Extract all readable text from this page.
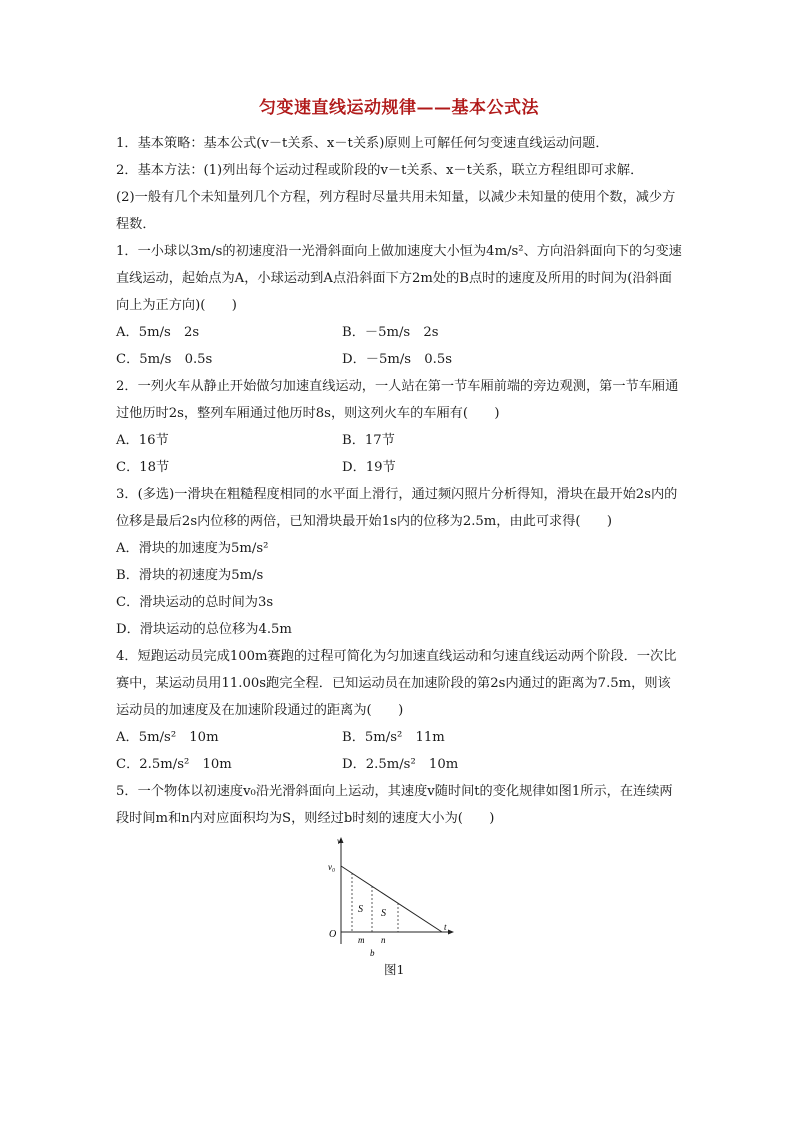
匀变速直线运动规律——基本公式法

1．基本策略：基本公式(v－t关系、x－t关系)原则上可解任何匀变速直线运动问题．

2．基本方法：(1)列出每个运动过程或阶段的v－t关系、x－t关系，联立方程组即可求解．

(2)一般有几个未知量列几个方程，列方程时尽量共用未知量，以减少未知量的使用个数，减少方程数．

1．一小球以3m/s的初速度沿一光滑斜面向上做加速度大小恒为4m/s²、方向沿斜面向下的匀变速直线运动，起始点为A，小球运动到A点沿斜面下方2m处的B点时的速度及所用的时间为(沿斜面向上为正方向)(　　)

A．5m/s　2s	B．－5m/s　2s
C．5m/s　0.5s	D．－5m/s　0.5s

2．一列火车从静止开始做匀加速直线运动，一人站在第一节车厢前端的旁边观测，第一节车厢通过他历时2s，整列车厢通过他历时8s，则这列火车的车厢有(　　)

A．16节	B．17节
C．18节	D．19节

3．(多选)一滑块在粗糙程度相同的水平面上滑行，通过频闪照片分析得知，滑块在最开始2s内的位移是最后2s内位移的两倍，已知滑块最开始1s内的位移为2.5m，由此可求得(　　)

A．滑块的加速度为5m/s²

B．滑块的初速度为5m/s

C．滑块运动的总时间为3s

D．滑块运动的总位移为4.5m

4．短跑运动员完成100m赛跑的过程可简化为匀加速直线运动和匀速直线运动两个阶段．一次比赛中，某运动员用11.00s跑完全程．已知运动员在加速阶段的第2s内通过的距离为7.5m，则该运动员的加速度及在加速阶段通过的距离为(　　)

A．5m/s²　10m	B．5m/s²　11m
C．2.5m/s²　10m	D．2.5m/s²　10m

5．一个物体以初速度v₀沿光滑斜面向上运动，其速度v随时间t的变化规律如图1所示，在连续两段时间m和n内对应面积均为S，则经过b时刻的速度大小为(　　)

v
v₀
O
t
S S
m n
b
图1
